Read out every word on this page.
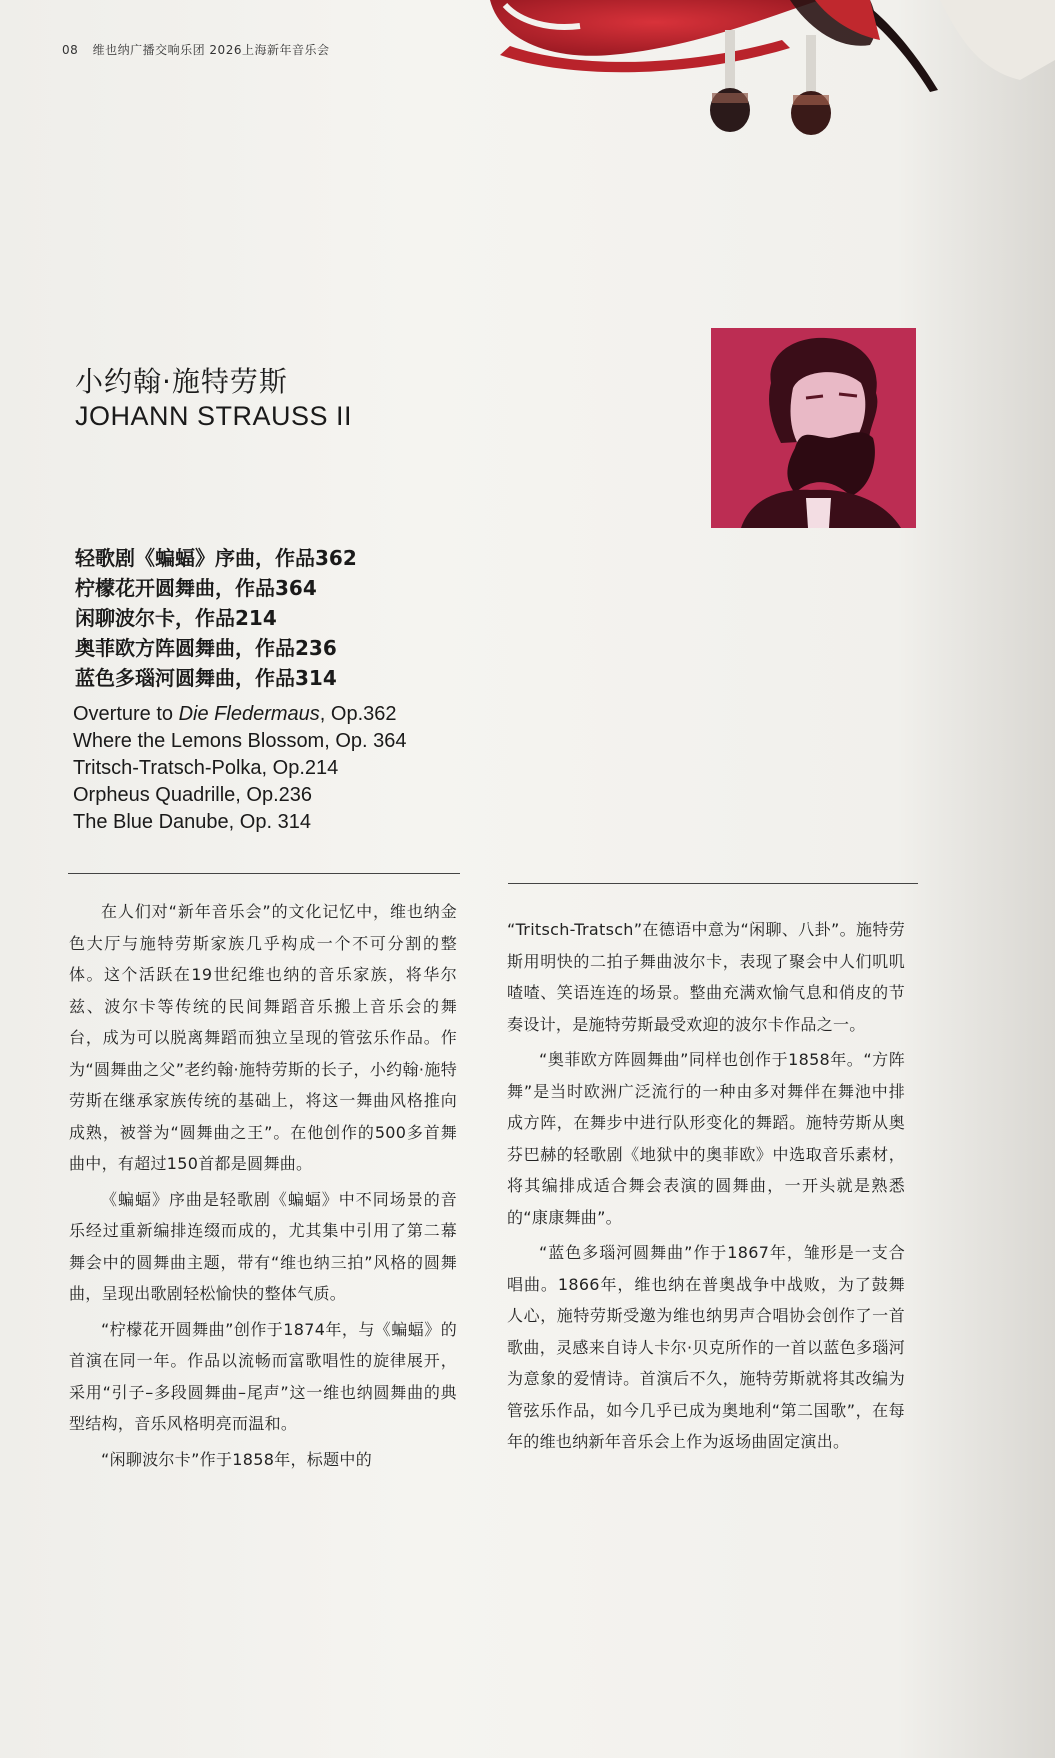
08 维也纳广播交响乐团 2026上海新年音乐会
小约翰·施特劳斯
JOHANN STRAUSS II
轻歌剧《蝙蝠》序曲，作品362
柠檬花开圆舞曲，作品364
闲聊波尔卡，作品214
奥菲欧方阵圆舞曲，作品236
蓝色多瑙河圆舞曲，作品314
Overture to Die Fledermaus, Op.362
Where the Lemons Blossom, Op. 364
Tritsch-Tratsch-Polka, Op.214
Orpheus Quadrille, Op.236
The Blue Danube, Op. 314

在人们对“新年音乐会”的文化记忆中，维也纳金色大厅与施特劳斯家族几乎构成一个不可分割的整体。这个活跃在19世纪维也纳的音乐家族，将华尔兹、波尔卡等传统的民间舞蹈音乐搬上音乐会的舞台，成为可以脱离舞蹈而独立呈现的管弦乐作品。作为“圆舞曲之父”老约翰·施特劳斯的长子，小约翰·施特劳斯在继承家族传统的基础上，将这一舞曲风格推向成熟，被誉为“圆舞曲之王”。在他创作的500多首舞曲中，有超过150首都是圆舞曲。

《蝙蝠》序曲是轻歌剧《蝙蝠》中不同场景的音乐经过重新编排连缀而成的，尤其集中引用了第二幕舞会中的圆舞曲主题，带有“维也纳三拍”风格的圆舞曲，呈现出歌剧轻松愉快的整体气质。

“柠檬花开圆舞曲”创作于1874年，与《蝙蝠》的首演在同一年。作品以流畅而富歌唱性的旋律展开，采用“引子–多段圆舞曲–尾声”这一维也纳圆舞曲的典型结构，音乐风格明亮而温和。

“闲聊波尔卡”作于1858年，标题中的

“Tritsch-Tratsch”在德语中意为“闲聊、八卦”。施特劳斯用明快的二拍子舞曲波尔卡，表现了聚会中人们叽叽喳喳、笑语连连的场景。整曲充满欢愉气息和俏皮的节奏设计，是施特劳斯最受欢迎的波尔卡作品之一。

“奥菲欧方阵圆舞曲”同样也创作于1858年。“方阵舞”是当时欧洲广泛流行的一种由多对舞伴在舞池中排成方阵，在舞步中进行队形变化的舞蹈。施特劳斯从奥芬巴赫的轻歌剧《地狱中的奥菲欧》中选取音乐素材，将其编排成适合舞会表演的圆舞曲，一开头就是熟悉的“康康舞曲”。

“蓝色多瑙河圆舞曲”作于1867年，雏形是一支合唱曲。1866年，维也纳在普奥战争中战败，为了鼓舞人心，施特劳斯受邀为维也纳男声合唱协会创作了一首歌曲，灵感来自诗人卡尔·贝克所作的一首以蓝色多瑙河为意象的爱情诗。首演后不久，施特劳斯就将其改编为管弦乐作品，如今几乎已成为奥地利“第二国歌”，在每年的维也纳新年音乐会上作为返场曲固定演出。
